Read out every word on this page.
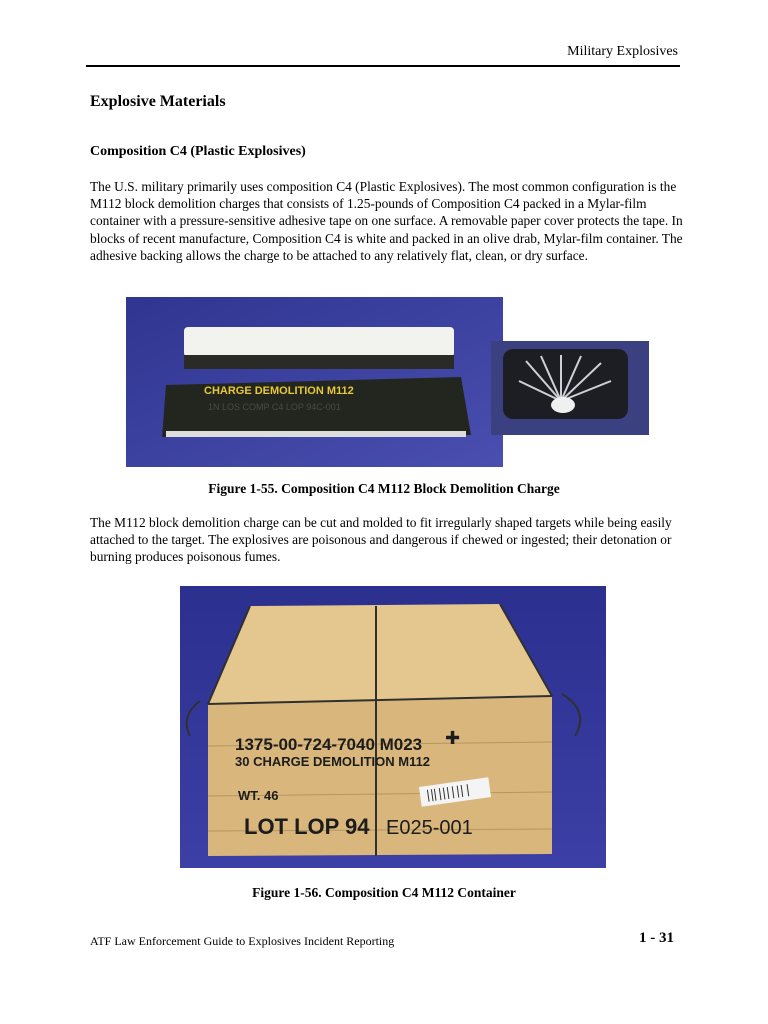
Military Explosives
Explosive Materials
Composition C4 (Plastic Explosives)
The U.S. military primarily uses composition C4 (Plastic Explosives). The most common configuration is the M112 block demolition charges that consists of 1.25-pounds of Composition C4 packed in a Mylar-film container with a pressure-sensitive adhesive tape on one surface. A removable paper cover protects the tape. In blocks of recent manufacture, Composition C4 is white and packed in an olive drab, Mylar-film container. The adhesive backing allows the charge to be attached to any relatively flat, clean, or dry surface.
CHARGE DEMOLITION M112
1N LOS COMP C4 LOP 94C-001
Figure 1-55. Composition C4 M112 Block Demolition Charge
The M112 block demolition charge can be cut and molded to fit irregularly shaped targets while being easily attached to the target. The explosives are poisonous and dangerous if chewed or ingested; their detonation or burning produces poisonous fumes.
1375-00-724-7040 M023
30 CHARGE DEMOLITION M112
WT. 46
LOT LOP 94 E025-001
✚
Figure 1-56. Composition C4 M112 Container
ATF Law Enforcement Guide to Explosives Incident Reporting	1 - 31
